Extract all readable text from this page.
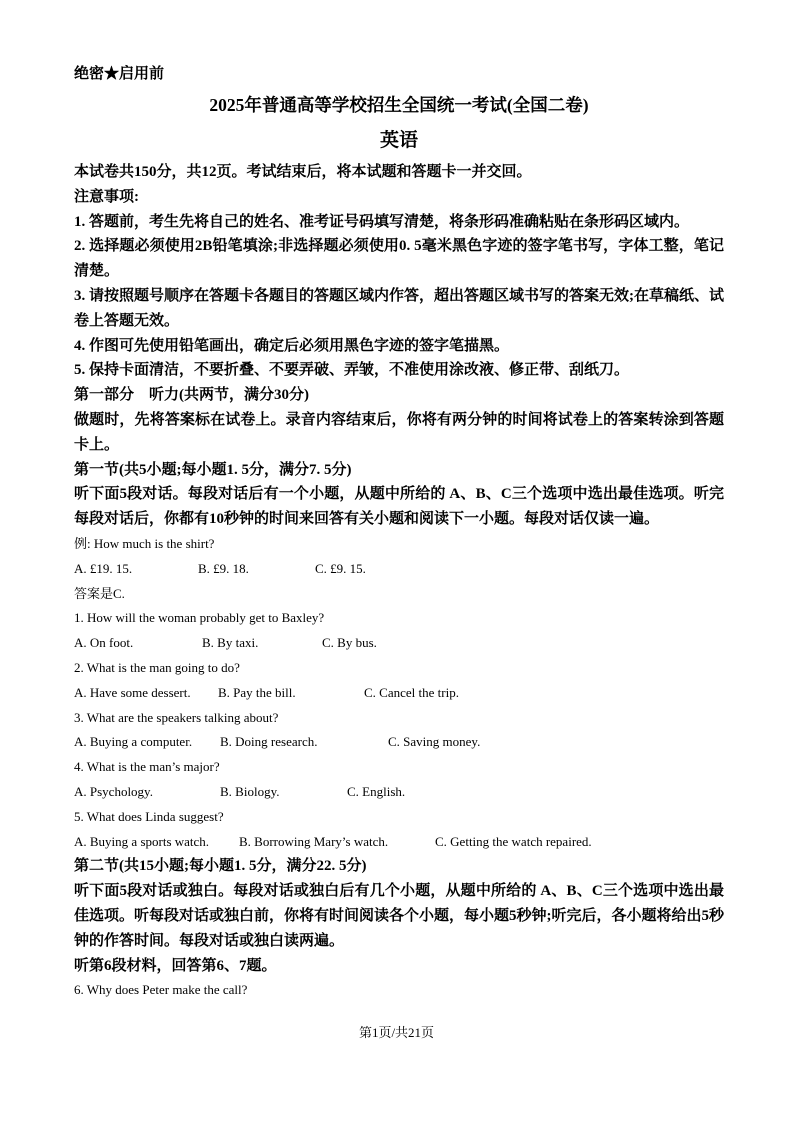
绝密★启用前

2025年普通高等学校招生全国统一考试(全国二卷)

英语

本试卷共150分，共12页。考试结束后，将本试题和答题卡一并交回。

注意事项:

1. 答题前，考生先将自己的姓名、准考证号码填写清楚，将条形码准确粘贴在条形码区域内。

2. 选择题必须使用2B铅笔填涂;非选择题必须使用0. 5毫米黑色字迹的签字笔书写，字体工整，笔记清楚。

3. 请按照题号顺序在答题卡各题目的答题区域内作答，超出答题区域书写的答案无效;在草稿纸、试卷上答题无效。

4. 作图可先使用铅笔画出，确定后必须用黑色字迹的签字笔描黑。

5. 保持卡面清洁，不要折叠、不要弄破、弄皱，不准使用涂改液、修正带、刮纸刀。

第一部分　听力(共两节，满分30分)

做题时，先将答案标在试卷上。录音内容结束后，你将有两分钟的时间将试卷上的答案转涂到答题卡上。

第一节(共5小题;每小题1. 5分，满分7. 5分)

听下面5段对话。每段对话后有一个小题，从题中所给的 A、B、C三个选项中选出最佳选项。听完每段对话后，你都有10秒钟的时间来回答有关小题和阅读下一小题。每段对话仅读一遍。

例: How much is the shirt?

A. £19. 15.	B. £9. 18.	C. £9. 15.

答案是C.

1. How will the woman probably get to Baxley?

A. On foot.	B. By taxi.	C. By bus.

2. What is the man going to do?

A. Have some dessert.	B. Pay the bill.	C. Cancel the trip.

3. What are the speakers talking about?

A. Buying a computer.	B. Doing research.	C. Saving money.

4. What is the man’s major?

A. Psychology.	B. Biology.	C. English.

5. What does Linda suggest?

A. Buying a sports watch.	B. Borrowing Mary’s watch.	C. Getting the watch repaired.

第二节(共15小题;每小题1. 5分，满分22. 5分)

听下面5段对话或独白。每段对话或独白后有几个小题，从题中所给的 A、B、C三个选项中选出最佳选项。听每段对话或独白前，你将有时间阅读各个小题，每小题5秒钟;听完后，各小题将给出5秒钟的作答时间。每段对话或独白读两遍。

听第6段材料，回答第6、7题。

6. Why does Peter make the call?

第1页/共21页
